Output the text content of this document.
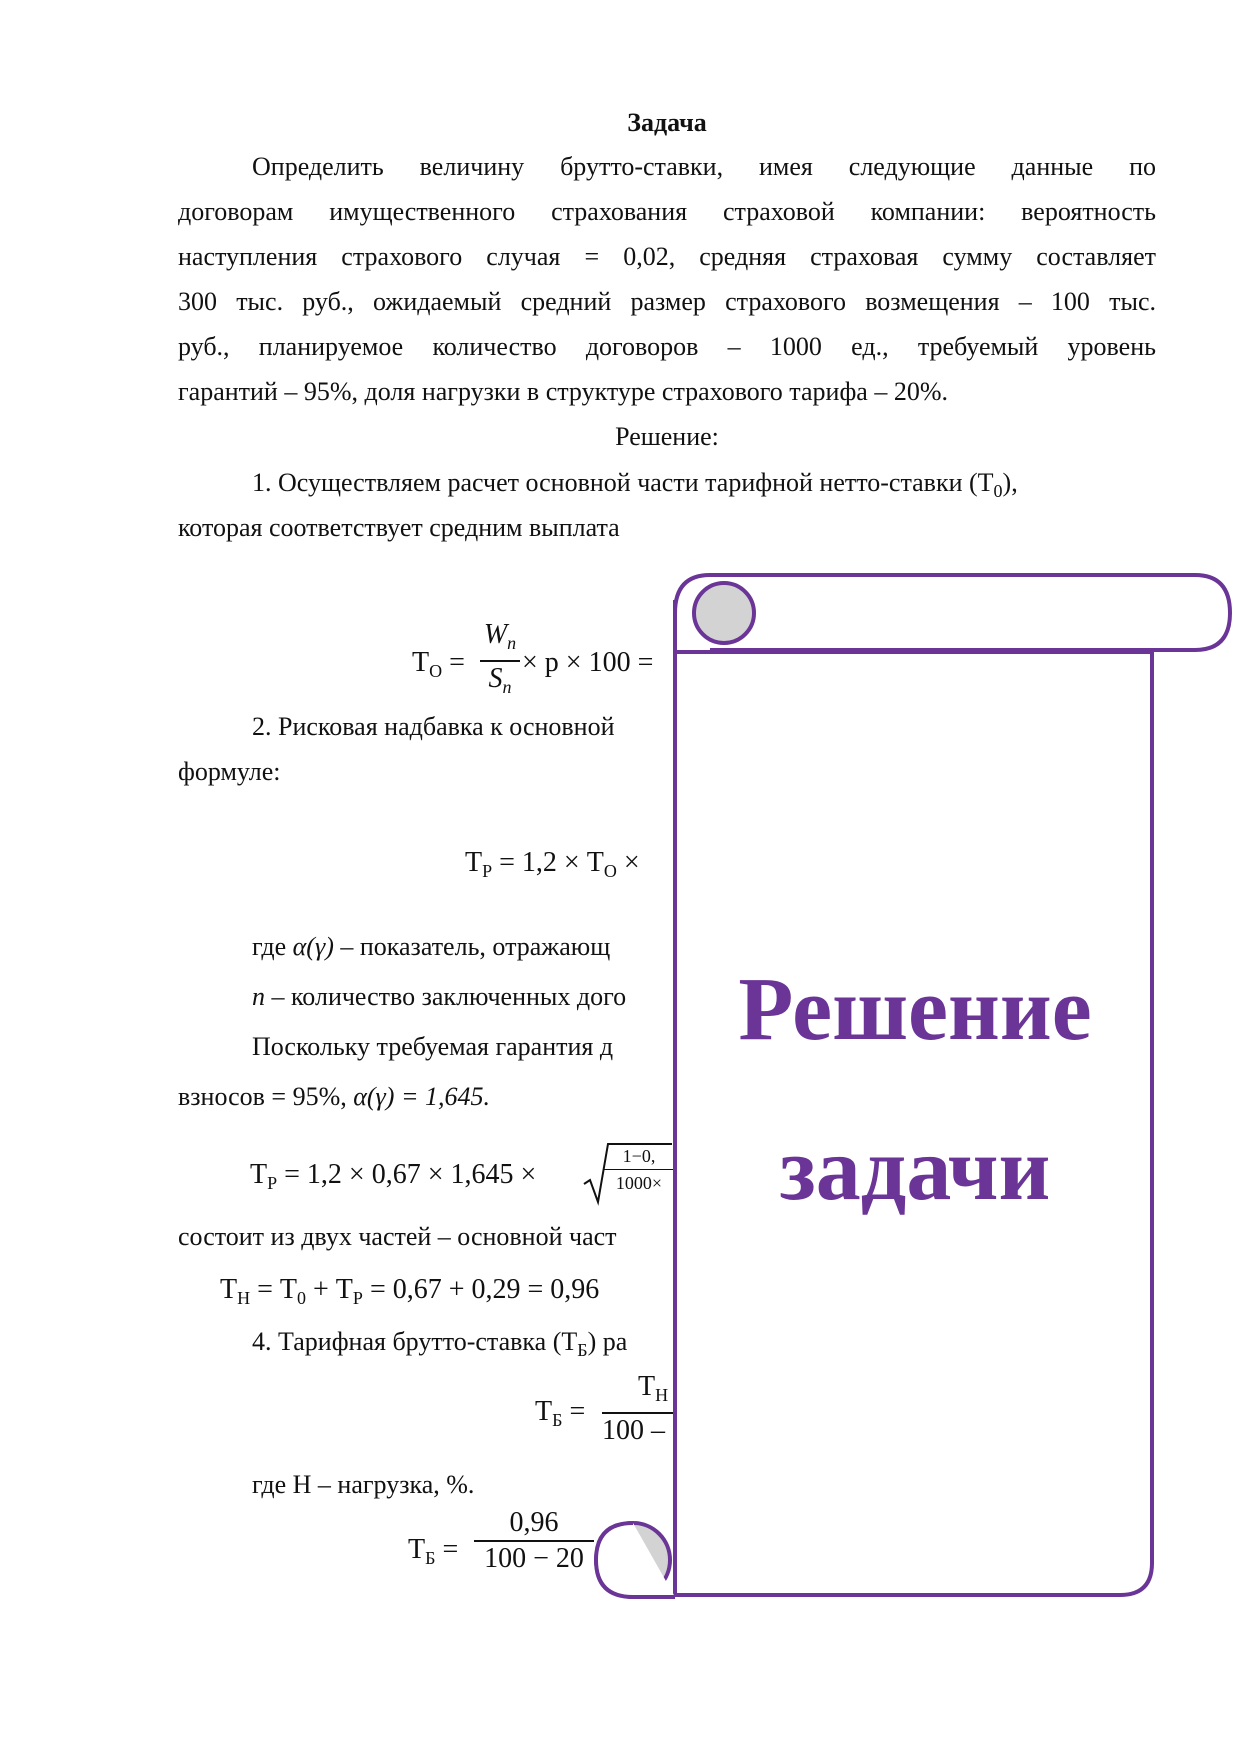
Задача
Определить величину брутто-ставки, имея следующие данные по
договорам имущественного страхования страховой компании: вероятность
наступления страхового случая = 0,02, средняя страховая сумму составляет
300 тыс. руб., ожидаемый средний размер страхового возмещения – 100 тыс.
руб., планируемое количество договоров – 1000 ед., требуемый уровень
гарантий – 95%, доля нагрузки в структуре страхового тарифа – 20%.
Решение:
1. Осуществляем расчет основной части тарифной нетто-ставки $(Т_0)$,
которая соответствует средним выплата
$Т_O$ =
$W_n$
$S_n$
× p × 100 =
2. Рисковая надбавка к основной
формуле:
$Т_P = 1,2 \times Т_O$ ×
где α(γ) – показатель, отражающ
n – количество заключенных дого
Поскольку требуемая гарантия д
взносов = 95%, α(γ) = 1,645.
$Т_P = 1,2 \times 0,67 \times 1,645$ ×
1−0,
1000×
состоит из двух частей – основной част
$Т_Н = Т_0 + Т_P = 0,67 + 0,29 = 0,96$
4. Тарифная брутто-ставка $(Т_Б)$ ра
$Т_Б$ =
$Т_Н$
100 –
где Н – нагрузка, %.
$Т_Б$ =
0,96
100 − 20
Решение
задачи
